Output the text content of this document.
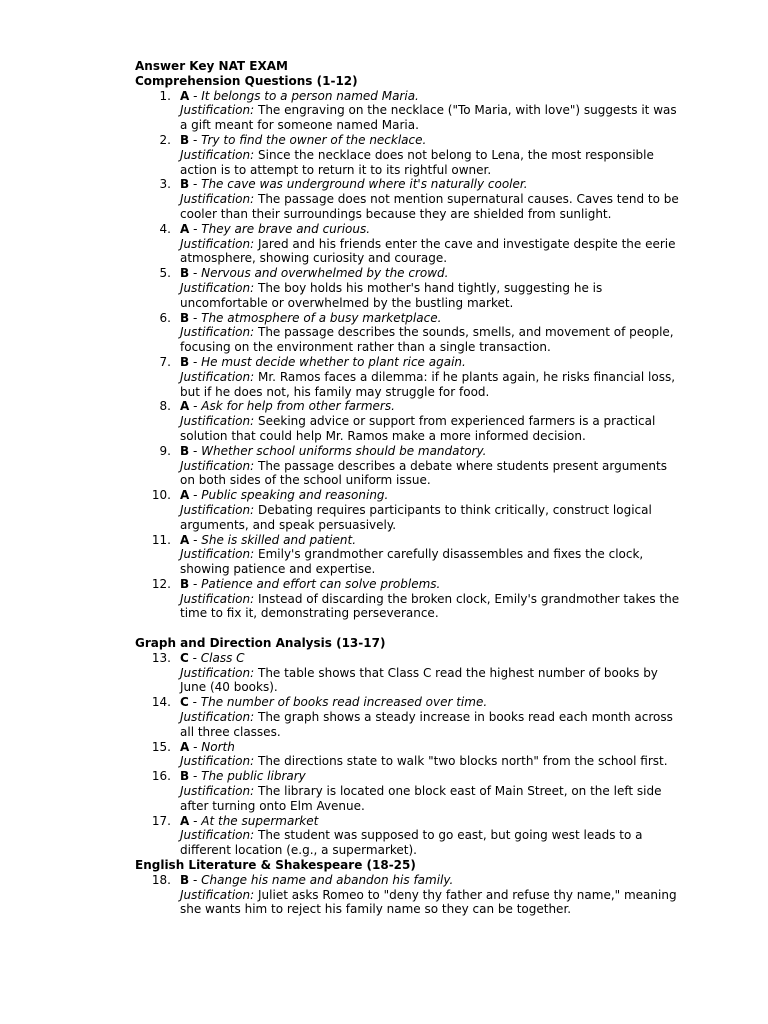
Answer Key NAT EXAM
Comprehension Questions (1-12)
1. A - It belongs to a person named Maria.
Justification: The engraving on the necklace ("To Maria, with love") suggests it was a gift meant for someone named Maria.
2. B - Try to find the owner of the necklace.
Justification: Since the necklace does not belong to Lena, the most responsible action is to attempt to return it to its rightful owner.
3. B - The cave was underground where it's naturally cooler.
Justification: The passage does not mention supernatural causes. Caves tend to be cooler than their surroundings because they are shielded from sunlight.
4. A - They are brave and curious.
Justification: Jared and his friends enter the cave and investigate despite the eerie atmosphere, showing curiosity and courage.
5. B - Nervous and overwhelmed by the crowd.
Justification: The boy holds his mother's hand tightly, suggesting he is uncomfortable or overwhelmed by the bustling market.
6. B - The atmosphere of a busy marketplace.
Justification: The passage describes the sounds, smells, and movement of people, focusing on the environment rather than a single transaction.
7. B - He must decide whether to plant rice again.
Justification: Mr. Ramos faces a dilemma: if he plants again, he risks financial loss, but if he does not, his family may struggle for food.
8. A - Ask for help from other farmers.
Justification: Seeking advice or support from experienced farmers is a practical solution that could help Mr. Ramos make a more informed decision.
9. B - Whether school uniforms should be mandatory.
Justification: The passage describes a debate where students present arguments on both sides of the school uniform issue.
10. A - Public speaking and reasoning.
Justification: Debating requires participants to think critically, construct logical arguments, and speak persuasively.
11. A - She is skilled and patient.
Justification: Emily's grandmother carefully disassembles and fixes the clock, showing patience and expertise.
12. B - Patience and effort can solve problems.
Justification: Instead of discarding the broken clock, Emily's grandmother takes the time to fix it, demonstrating perseverance.
Graph and Direction Analysis (13-17)
13. C - Class C
Justification: The table shows that Class C read the highest number of books by June (40 books).
14. C - The number of books read increased over time.
Justification: The graph shows a steady increase in books read each month across all three classes.
15. A - North
Justification: The directions state to walk "two blocks north" from the school first.
16. B - The public library
Justification: The library is located one block east of Main Street, on the left side after turning onto Elm Avenue.
17. A - At the supermarket
Justification: The student was supposed to go east, but going west leads to a different location (e.g., a supermarket).
English Literature & Shakespeare (18-25)
18. B - Change his name and abandon his family.
Justification: Juliet asks Romeo to "deny thy father and refuse thy name," meaning she wants him to reject his family name so they can be together.
